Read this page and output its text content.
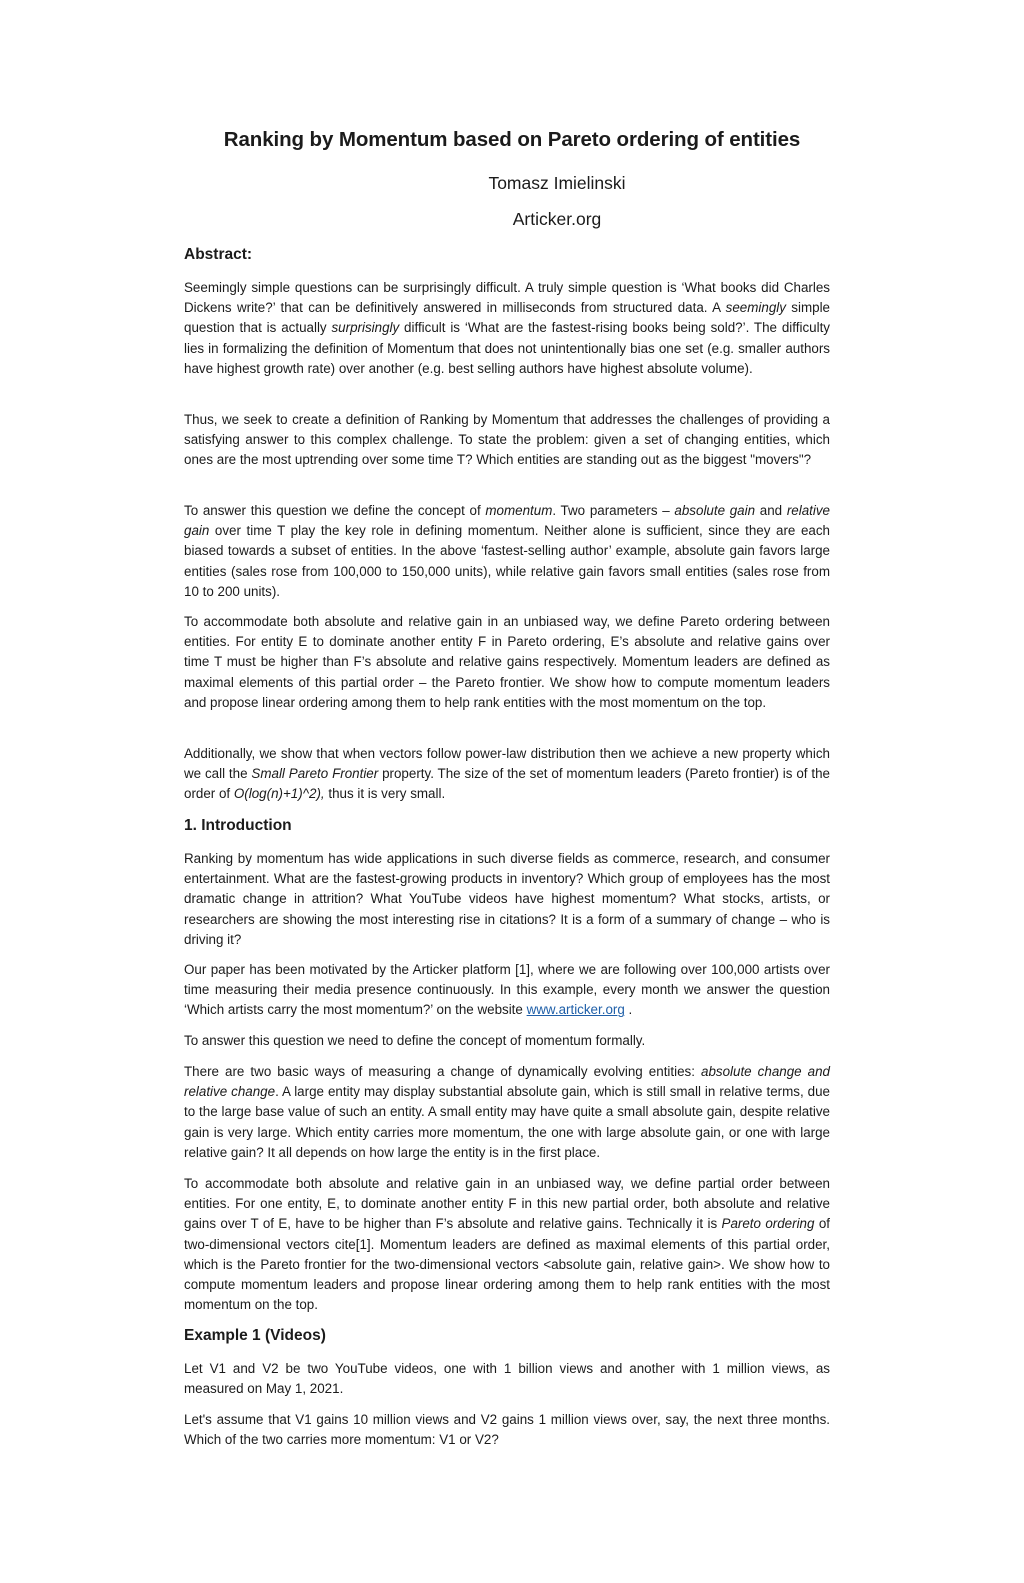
Ranking by Momentum based on Pareto ordering of entities
Tomasz Imielinski
Articker.org
Abstract:

Seemingly simple questions can be surprisingly difficult. A truly simple question is ‘What books did Charles Dickens write?’ that can be definitively answered in milliseconds from structured data. A seemingly simple question that is actually surprisingly difficult is ‘What are the fastest-rising books being sold?’. The difficulty lies in formalizing the definition of Momentum that does not unintentionally bias one set (e.g. smaller authors have highest growth rate) over another (e.g. best selling authors have highest absolute volume).

Thus, we seek to create a definition of Ranking by Momentum that addresses the challenges of providing a satisfying answer to this complex challenge. To state the problem: given a set of changing entities, which ones are the most uptrending over some time T? Which entities are standing out as the biggest "movers"?

To answer this question we define the concept of momentum. Two parameters – absolute gain and relative gain over time T play the key role in defining momentum. Neither alone is sufficient, since they are each biased towards a subset of entities. In the above ‘fastest-selling author’ example, absolute gain favors large entities (sales rose from 100,000 to 150,000 units), while relative gain favors small entities (sales rose from 10 to 200 units).

To accommodate both absolute and relative gain in an unbiased way, we define Pareto ordering between entities. For entity E to dominate another entity F in Pareto ordering, E’s absolute and relative gains over time T must be higher than F’s absolute and relative gains respectively. Momentum leaders are defined as maximal elements of this partial order – the Pareto frontier. We show how to compute momentum leaders and propose linear ordering among them to help rank entities with the most momentum on the top.

Additionally, we show that when vectors follow power-law distribution then we achieve a new property which we call the Small Pareto Frontier property. The size of the set of momentum leaders (Pareto frontier) is of the order of O(log(n)+1)^2), thus it is very small.

1. Introduction

Ranking by momentum has wide applications in such diverse fields as commerce, research, and consumer entertainment. What are the fastest-growing products in inventory? Which group of employees has the most dramatic change in attrition? What YouTube videos have highest momentum? What stocks, artists, or researchers are showing the most interesting rise in citations? It is a form of a summary of change – who is driving it?

Our paper has been motivated by the Articker platform [1], where we are following over 100,000 artists over time measuring their media presence continuously. In this example, every month we answer the question ‘Which artists carry the most momentum?’ on the website www.articker.org .

To answer this question we need to define the concept of momentum formally.

There are two basic ways of measuring a change of dynamically evolving entities: absolute change and relative change. A large entity may display substantial absolute gain, which is still small in relative terms, due to the large base value of such an entity. A small entity may have quite a small absolute gain, despite relative gain is very large. Which entity carries more momentum, the one with large absolute gain, or one with large relative gain? It all depends on how large the entity is in the first place.

To accommodate both absolute and relative gain in an unbiased way, we define partial order between entities. For one entity, E, to dominate another entity F in this new partial order, both absolute and relative gains over T of E, have to be higher than F’s absolute and relative gains. Technically it is Pareto ordering of two-dimensional vectors cite[1]. Momentum leaders are defined as maximal elements of this partial order, which is the Pareto frontier for the two-dimensional vectors <absolute gain, relative gain>. We show how to compute momentum leaders and propose linear ordering among them to help rank entities with the most momentum on the top.

Example 1 (Videos)

Let V1 and V2 be two YouTube videos, one with 1 billion views and another with 1 million views, as measured on May 1, 2021.

Let's assume that V1 gains 10 million views and V2 gains 1 million views over, say, the next three months. Which of the two carries more momentum: V1 or V2?
